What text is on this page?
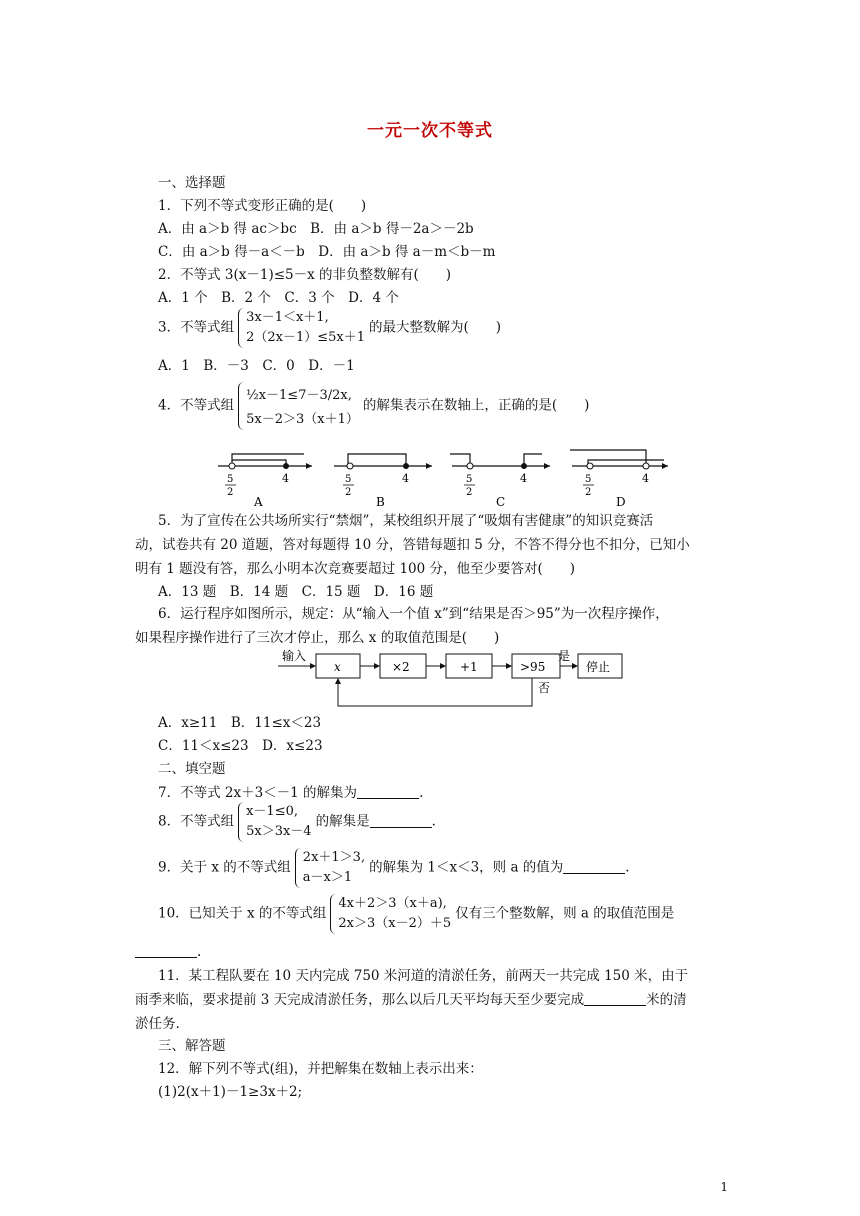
一元一次不等式
一、选择题
1．下列不等式变形正确的是(　　)
A．由 a＞b 得 ac＞bc　B．由 a＞b 得－2a＞－2b
C．由 a＞b 得－a＜－b　D．由 a＞b 得 a－m＜b－m
2．不等式 3(x－1)≤5－x 的非负整数解有(　　)
A．1 个　B．2 个　C．3 个　D．4 个
3．不等式组
3x－1＜x＋1,
2（2x－1）≤5x＋1
的最大整数解为(　　)
A．1　B．－3　C．0　D．－1
4．不等式组
½x－1≤7－3/2x,
5x－2＞3（x＋1）
的解集表示在数轴上，正确的是(　　)
5
2
4
A
5
2
4
B
5
2
4
C
5
2
4
D
5．为了宣传在公共场所实行“禁烟”，某校组织开展了“吸烟有害健康”的知识竞赛活
动，试卷共有 20 道题，答对每题得 10 分，答错每题扣 5 分，不答不得分也不扣分，已知小
明有 1 题没有答，那么小明本次竞赛要超过 100 分，他至少要答对(　　)
A．13 题　B．14 题　C．15 题　D．16 题
6．运行程序如图所示，规定：从“输入一个值 x”到“结果是否＞95”为一次程序操作，
如果程序操作进行了三次才停止，那么 x 的取值范围是(　　)
输入
x	×2	+1	>95
是
停止
否
A．x≥11　B．11≤x＜23
C．11＜x≤23　D．x≤23
二、填空题
7．不等式 2x＋3＜－1 的解集为	.
8．不等式组
x－1≤0,
5x＞3x－4
的解集是	.
9．关于 x 的不等式组
2x＋1＞3,
a－x＞1
的解集为 1＜x＜3，则 a 的值为	.
10．已知关于 x 的不等式组
4x＋2＞3（x＋a),
2x＞3（x－2）＋5
仅有三个整数解，则 a 的取值范围是
.
11．某工程队要在 10 天内完成 750 米河道的清淤任务，前两天一共完成 150 米，由于
雨季来临，要求提前 3 天完成清淤任务，那么以后几天平均每天至少要完成	米的清
淤任务.
三、解答题
12．解下列不等式(组)，并把解集在数轴上表示出来：
(1)2(x＋1)－1≥3x＋2;
1
